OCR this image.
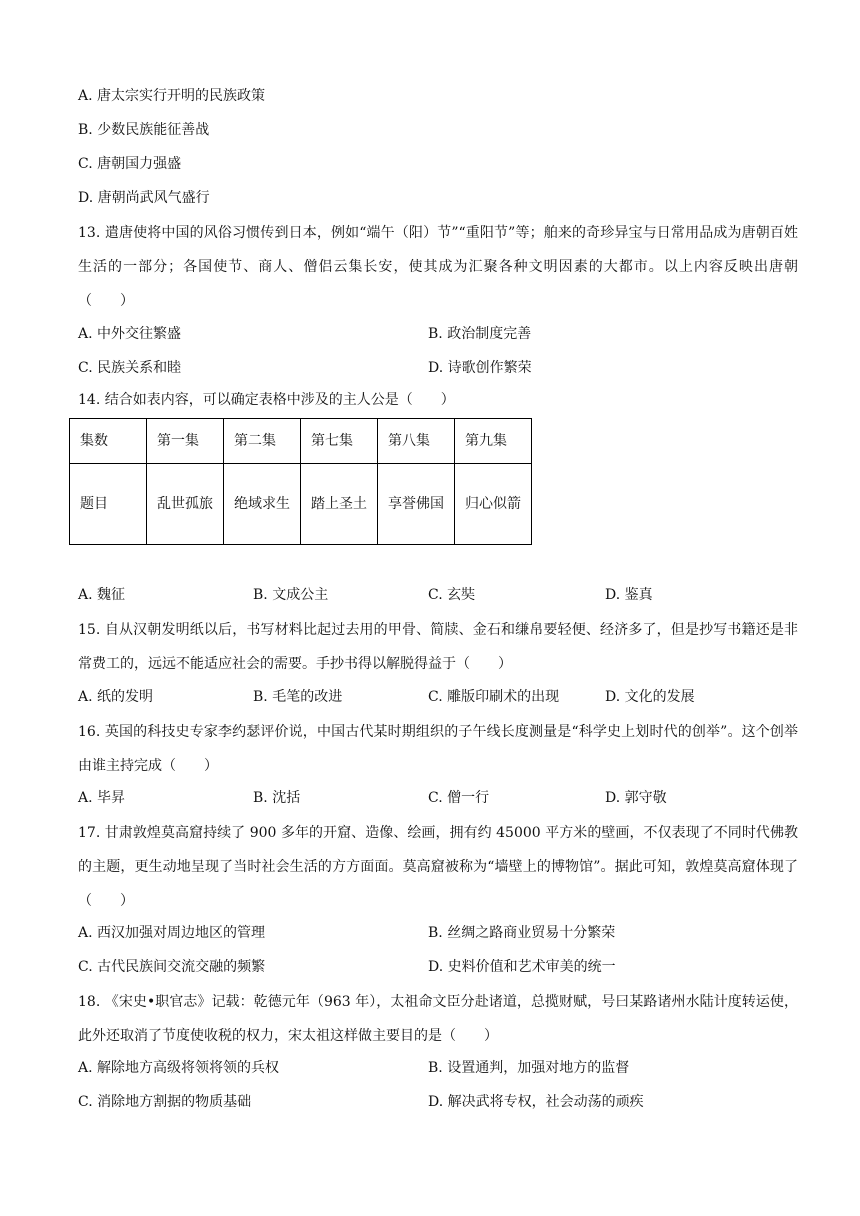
A. 唐太宗实行开明的民族政策
B. 少数民族能征善战
C. 唐朝国力强盛
D. 唐朝尚武风气盛行
13. 遣唐使将中国的风俗习惯传到日本，例如“端午（阳）节”“重阳节”等；舶来的奇珍异宝与日常用品成为唐朝百姓生活的一部分；各国使节、商人、僧侣云集长安，使其成为汇聚各种文明因素的大都市。以上内容反映出唐朝（　　）
A. 中外交往繁盛	B. 政治制度完善
C. 民族关系和睦	D. 诗歌创作繁荣
14. 结合如表内容，可以确定表格中涉及的主人公是（　　）
集数	第一集	第二集	第七集	第八集	第九集
题目	乱世孤旅	绝域求生	踏上圣土	享誉佛国	归心似箭
A. 魏征	B. 文成公主	C. 玄奘	D. 鉴真
15. 自从汉朝发明纸以后，书写材料比起过去用的甲骨、简牍、金石和缣帛要轻便、经济多了，但是抄写书籍还是非常费工的，远远不能适应社会的需要。手抄书得以解脱得益于（　　）
A. 纸的发明	B. 毛笔的改进	C. 雕版印刷术的出现	D. 文化的发展
16. 英国的科技史专家李约瑟评价说，中国古代某时期组织的子午线长度测量是“科学史上划时代的创举”。这个创举由谁主持完成（　　）
A. 毕昇	B. 沈括	C. 僧一行	D. 郭守敬
17. 甘肃敦煌莫高窟持续了 900 多年的开窟、造像、绘画，拥有约 45000 平方米的壁画，不仅表现了不同时代佛教的主题，更生动地呈现了当时社会生活的方方面面。莫高窟被称为“墙壁上的博物馆”。据此可知，敦煌莫高窟体现了（　　）
A. 西汉加强对周边地区的管理	B. 丝绸之路商业贸易十分繁荣
C. 古代民族间交流交融的频繁	D. 史料价值和艺术审美的统一
18. 《宋史•职官志》记载：乾德元年（963 年），太祖命文臣分赴诸道，总揽财赋，号曰某路诸州水陆计度转运使，此外还取消了节度使收税的权力，宋太祖这样做主要目的是（　　）
A. 解除地方高级将领将领的兵权	B. 设置通判，加强对地方的监督
C. 消除地方割据的物质基础	D. 解决武将专权，社会动荡的顽疾
